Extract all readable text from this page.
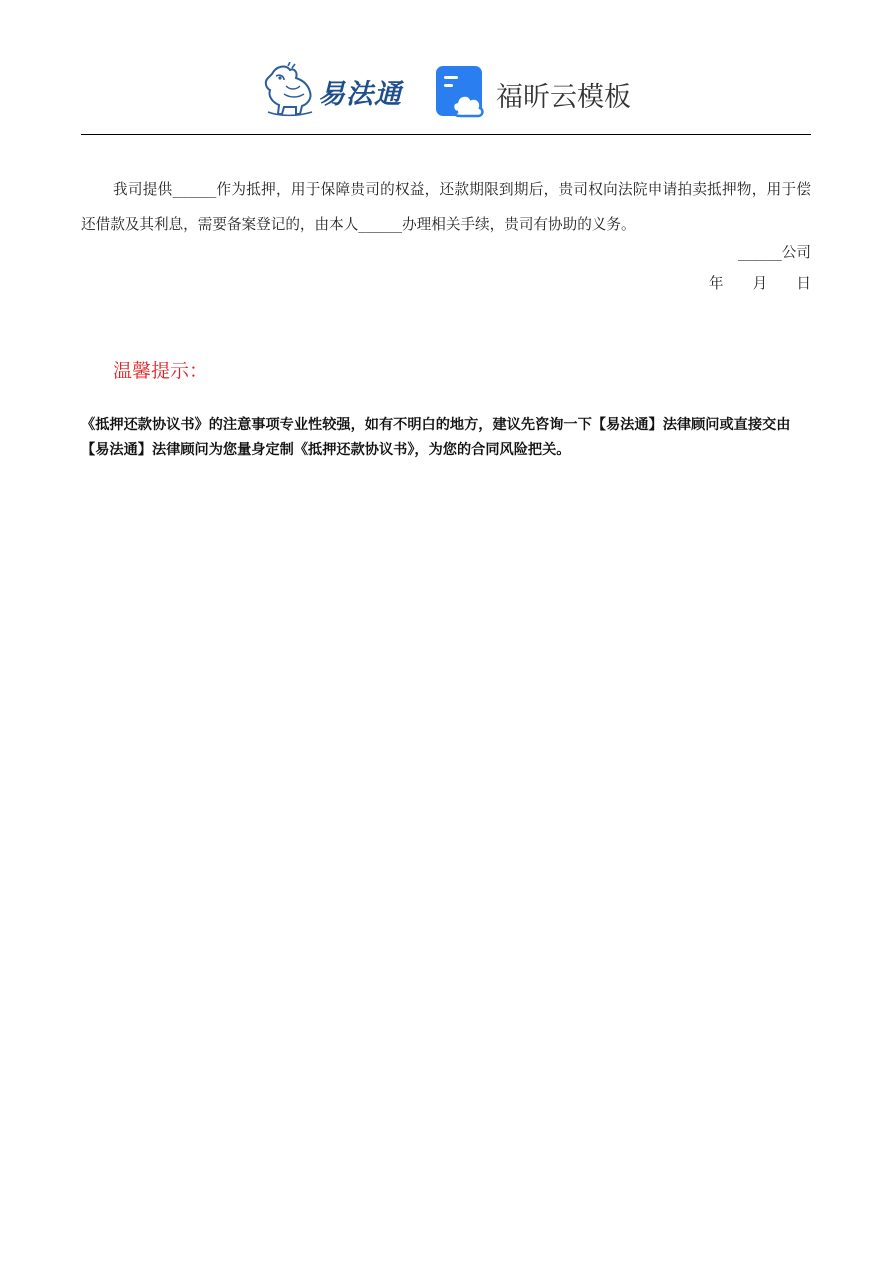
易法通	福昕云模板

我司提供______作为抵押，用于保障贵司的权益，还款期限到期后，贵司权向法院申请拍卖抵押物，用于偿还借款及其利息，需要备案登记的，由本人______办理相关手续，贵司有协助的义务。

______公司
年　　月　　日
温馨提示：

《抵押还款协议书》的注意事项专业性较强，如有不明白的地方，建议先咨询一下【易法通】法律顾问或直接交由【易法通】法律顾问为您量身定制《抵押还款协议书》，为您的合同风险把关。
